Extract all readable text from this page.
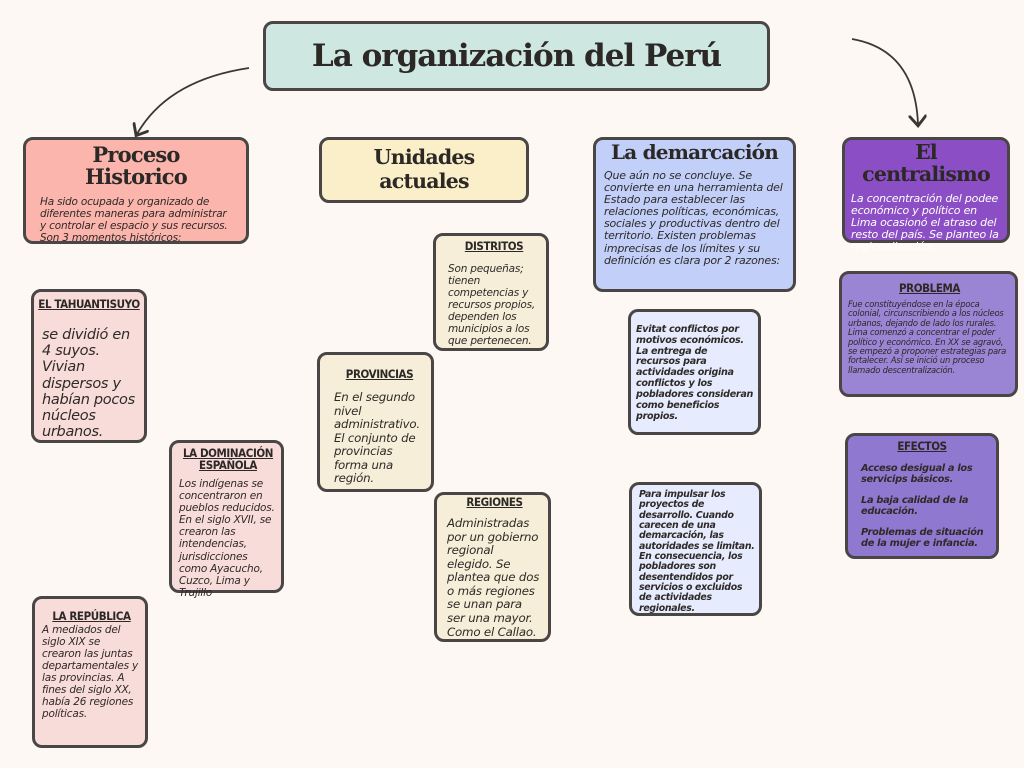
La organización del Perú
Proceso Historico
Ha sido ocupada y organizado de diferentes maneras para administrar y controlar el espacio y sus recursos. Son 3 momentos históricos:
EL TAHUANTISUYO
se dividió en 4 suyos. Vivian dispersos y habían pocos núcleos urbanos.
LA DOMINACIÓN ESPAÑOLA
Los indígenas se concentraron en pueblos reducidos. En el siglo XVII, se crearon las intendencias, jurisdicciones como Ayacucho, Cuzco, Lima y Trujillo
LA REPÚBLICA
A mediados del siglo XIX se crearon las juntas departamentales y las provincias. A fines del siglo XX, había 26 regiones políticas.
Unidades actuales
DISTRITOS
Son pequeñas; tienen competencias y recursos propios, dependen los municipios a los que pertenecen.
PROVINCIAS
En el segundo nivel administrativo. El conjunto de provincias forma una región.
REGIONES
Administradas por un gobierno regional elegido. Se plantea que dos o más regiones se unan para ser una mayor. Como el Callao.
La demarcación
Que aún no se concluye. Se convierte en una herramienta del Estado para establecer las relaciones políticas, económicas, sociales y productivas dentro del territorio. Existen problemas imprecisas de los límites y su definición es clara por 2 razones:
Evitat conflictos por motivos económicos. La entrega de recursos para actividades origina conflictos y los pobladores consideran como beneficios propios.
Para impulsar los proyectos de desarrollo. Cuando carecen de una demarcación, las autoridades se limitan. En consecuencia, los pobladores son desentendidos por servicios o excluidos de actividades regionales.
El centralismo
La concentración del podee económico y político en Lima ocasionó el atraso del resto del país. Se planteo la regionalización.
PROBLEMA
Fue constituyéndose en la época colonial, circunscribiendo a los núcleos urbanos, dejando de lado los rurales. Lima comenzó a concentrar el poder político y económico. En XX se agravó, se empezó a proponer estrategias para fortalecer. Así se inició un proceso llamado descentralización.
EFECTOS
Acceso desigual a los servicips básicos.
La baja calidad de la educación.
Problemas de situación de la mujer e infancia.
